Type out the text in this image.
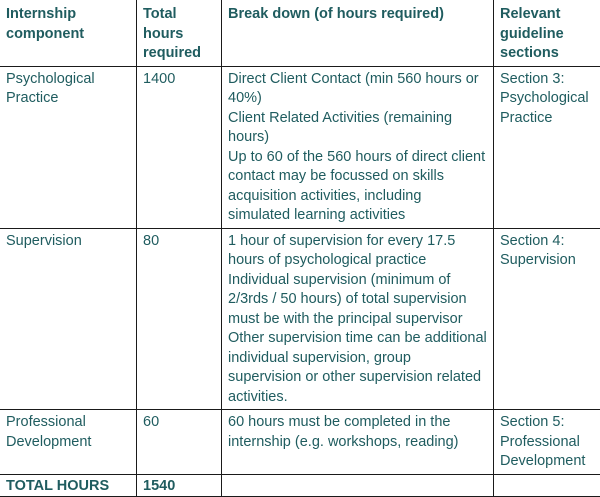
Internship component	Total hours required	Break down (of hours required)	Relevant guideline sections
Psychological Practice	1400	Direct Client Contact (min 560 hours or 40%)
Client Related Activities (remaining hours)
Up to 60 of the 560 hours of direct client contact may be focussed on skills acquisition activities, including simulated learning activities	Section 3: Psychological Practice
Supervision	80	1 hour of supervision for every 17.5 hours of psychological practice
Individual supervision (minimum of 2/3rds / 50 hours) of total supervision must be with the principal supervisor
Other supervision time can be additional individual supervision, group supervision or other supervision related activities.	Section 4: Supervision
Professional Development	60	60 hours must be completed in the internship (e.g. workshops, reading)	Section 5: Professional Development
TOTAL HOURS	1540		
